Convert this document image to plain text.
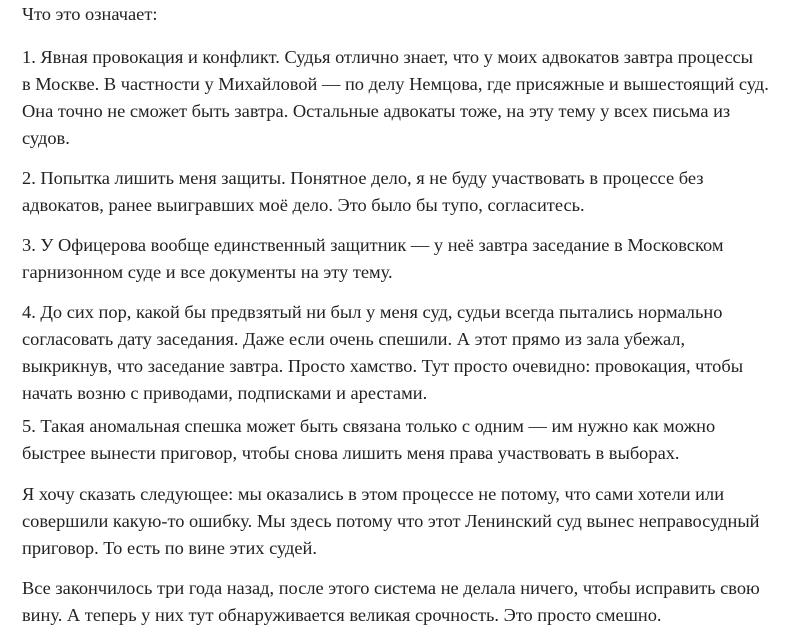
Что это означает:

1. Явная провокация и конфликт. Судья отлично знает, что у моих адвокатов завтра процессы
в Москве. В частности у Михайловой — по делу Немцова, где присяжные и вышестоящий суд.
Она точно не сможет быть завтра. Остальные адвокаты тоже, на эту тему у всех письма из
судов.

2. Попытка лишить меня защиты. Понятное дело, я не буду участвовать в процессе без
адвокатов, ранее выигравших моё дело. Это было бы тупо, согласитесь.

3. У Офицерова вообще единственный защитник — у неё завтра заседание в Московском
гарнизонном суде и все документы на эту тему.

4. До сих пор, какой бы предвзятый ни был у меня суд, судьи всегда пытались нормально
согласовать дату заседания. Даже если очень спешили. А этот прямо из зала убежал,
выкрикнув, что заседание завтра. Просто хамство. Тут просто очевидно: провокация, чтобы
начать возню с приводами, подписками и арестами.

5. Такая аномальная спешка может быть связана только с одним — им нужно как можно
быстрее вынести приговор, чтобы снова лишить меня права участвовать в выборах.

Я хочу сказать следующее: мы оказались в этом процессе не потому, что сами хотели или
совершили какую-то ошибку. Мы здесь потому что этот Ленинский суд вынес неправосудный
приговор. То есть по вине этих судей.

Все закончилось три года назад, после этого система не делала ничего, чтобы исправить свою
вину. А теперь у них тут обнаруживается великая срочность. Это просто смешно.
